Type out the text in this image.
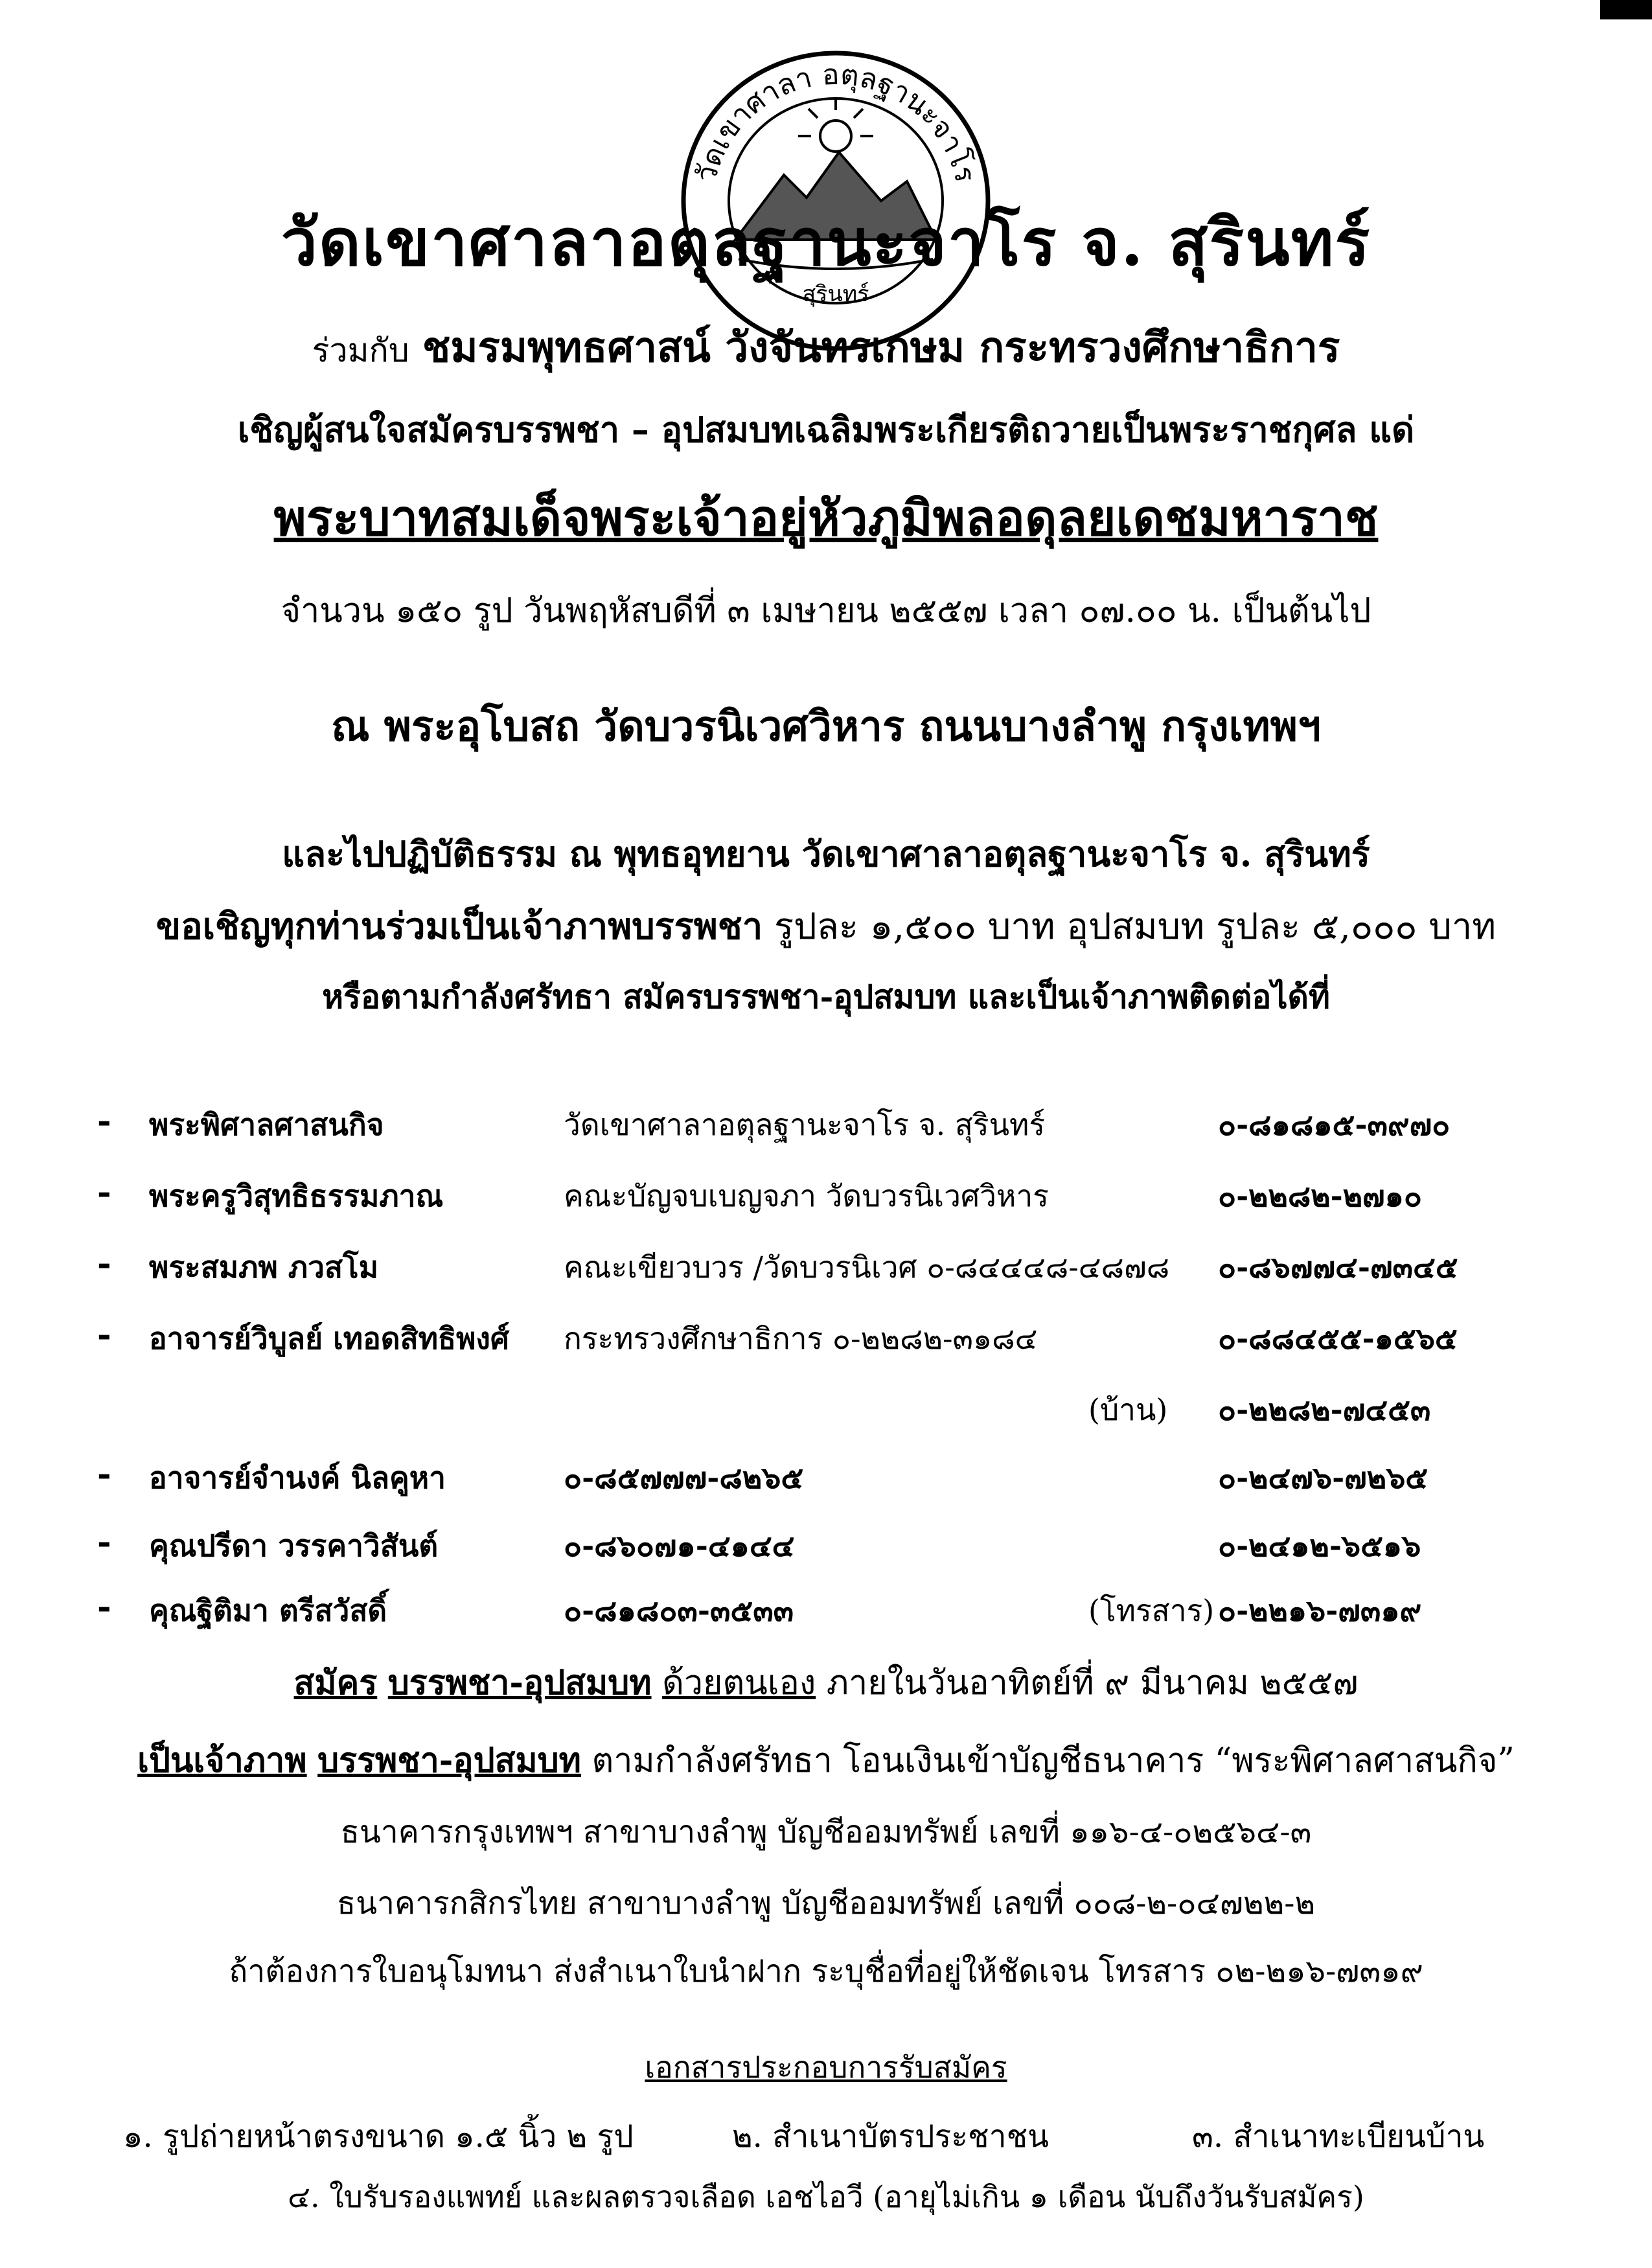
วัดเขาศาลา อตุลฐานะจาโร
สุรินทร์
วัดเขาศาลาอตุลฐานะจาโร จ. สุรินทร์
ร่วมกับ ชมรมพุทธศาสน์ วังจันทรเกษม กระทรวงศึกษาธิการ
เชิญผู้สนใจสมัครบรรพชา – อุปสมบทเฉลิมพระเกียรติถวายเป็นพระราชกุศล แด่
พระบาทสมเด็จพระเจ้าอยู่หัวภูมิพลอดุลยเดชมหาราช
จำนวน ๑๕๐ รูป วันพฤหัสบดีที่ ๓ เมษายน ๒๕๕๗ เวลา ๐๗.๐๐ น. เป็นต้นไป
ณ พระอุโบสถ วัดบวรนิเวศวิหาร ถนนบางลำพู กรุงเทพฯ
และไปปฏิบัติธรรม ณ พุทธอุทยาน วัดเขาศาลาอตุลฐานะจาโร จ. สุรินทร์
ขอเชิญทุกท่านร่วมเป็นเจ้าภาพบรรพชา รูปละ ๑,๕๐๐ บาท อุปสมบท รูปละ ๕,๐๐๐ บาท
หรือตามกำลังศรัทธา สมัครบรรพชา-อุปสมบท และเป็นเจ้าภาพติดต่อได้ที่
- พระพิศาลศาสนกิจ	วัดเขาศาลาอตุลฐานะจาโร จ. สุรินทร์	๐-๘๑๘๑๕-๓๙๗๐
- พระครูวิสุทธิธรรมภาณ	คณะบัญจบเบญจภา วัดบวรนิเวศวิหาร	๐-๒๒๘๒-๒๗๑๐
- พระสมภพ ภวสโม	คณะเขียวบวร /วัดบวรนิเวศ ๐-๘๔๔๔๘-๔๘๗๘ ๐-๘๖๗๗๔-๗๓๔๕
- อาจารย์วิบูลย์ เทอดสิทธิพงศ์ กระทรวงศึกษาธิการ ๐-๒๒๘๒-๓๑๘๔	๐-๘๘๔๕๕-๑๕๖๕
(บ้าน) ๐-๒๒๘๒-๗๔๕๓
- อาจารย์จำนงค์ นิลคูหา	๐-๘๕๗๗๗-๘๒๖๕	๐-๒๔๗๖-๗๒๖๕
- คุณปรีดา วรรคาวิสันต์	๐-๘๖๐๗๑-๔๑๔๔	๐-๒๔๑๒-๖๕๑๖
- คุณฐิติมา ตรีสวัสดิ์	๐-๘๑๘๐๓-๓๕๓๓	(โทรสาร) ๐-๒๒๑๖-๗๓๑๙
สมัคร บรรพชา-อุปสมบท ด้วยตนเอง ภายในวันอาทิตย์ที่ ๙ มีนาคม ๒๕๕๗
เป็นเจ้าภาพ บรรพชา-อุปสมบท ตามกำลังศรัทธา โอนเงินเข้าบัญชีธนาคาร “พระพิศาลศาสนกิจ”
ธนาคารกรุงเทพฯ สาขาบางลำพู บัญชีออมทรัพย์ เลขที่ ๑๑๖-๔-๐๒๕๖๔-๓
ธนาคารกสิกรไทย สาขาบางลำพู บัญชีออมทรัพย์ เลขที่ ๐๐๘-๒-๐๔๗๒๒-๒
ถ้าต้องการใบอนุโมทนา ส่งสำเนาใบนำฝาก ระบุชื่อที่อยู่ให้ชัดเจน โทรสาร ๐๒-๒๑๖-๗๓๑๙
เอกสารประกอบการรับสมัคร
๑. รูปถ่ายหน้าตรงขนาด ๑.๕ นิ้ว ๒ รูป	๒. สำเนาบัตรประชาชน	๓. สำเนาทะเบียนบ้าน
๔. ใบรับรองแพทย์ และผลตรวจเลือด เอชไอวี (อายุไม่เกิน ๑ เดือน นับถึงวันรับสมัคร)
